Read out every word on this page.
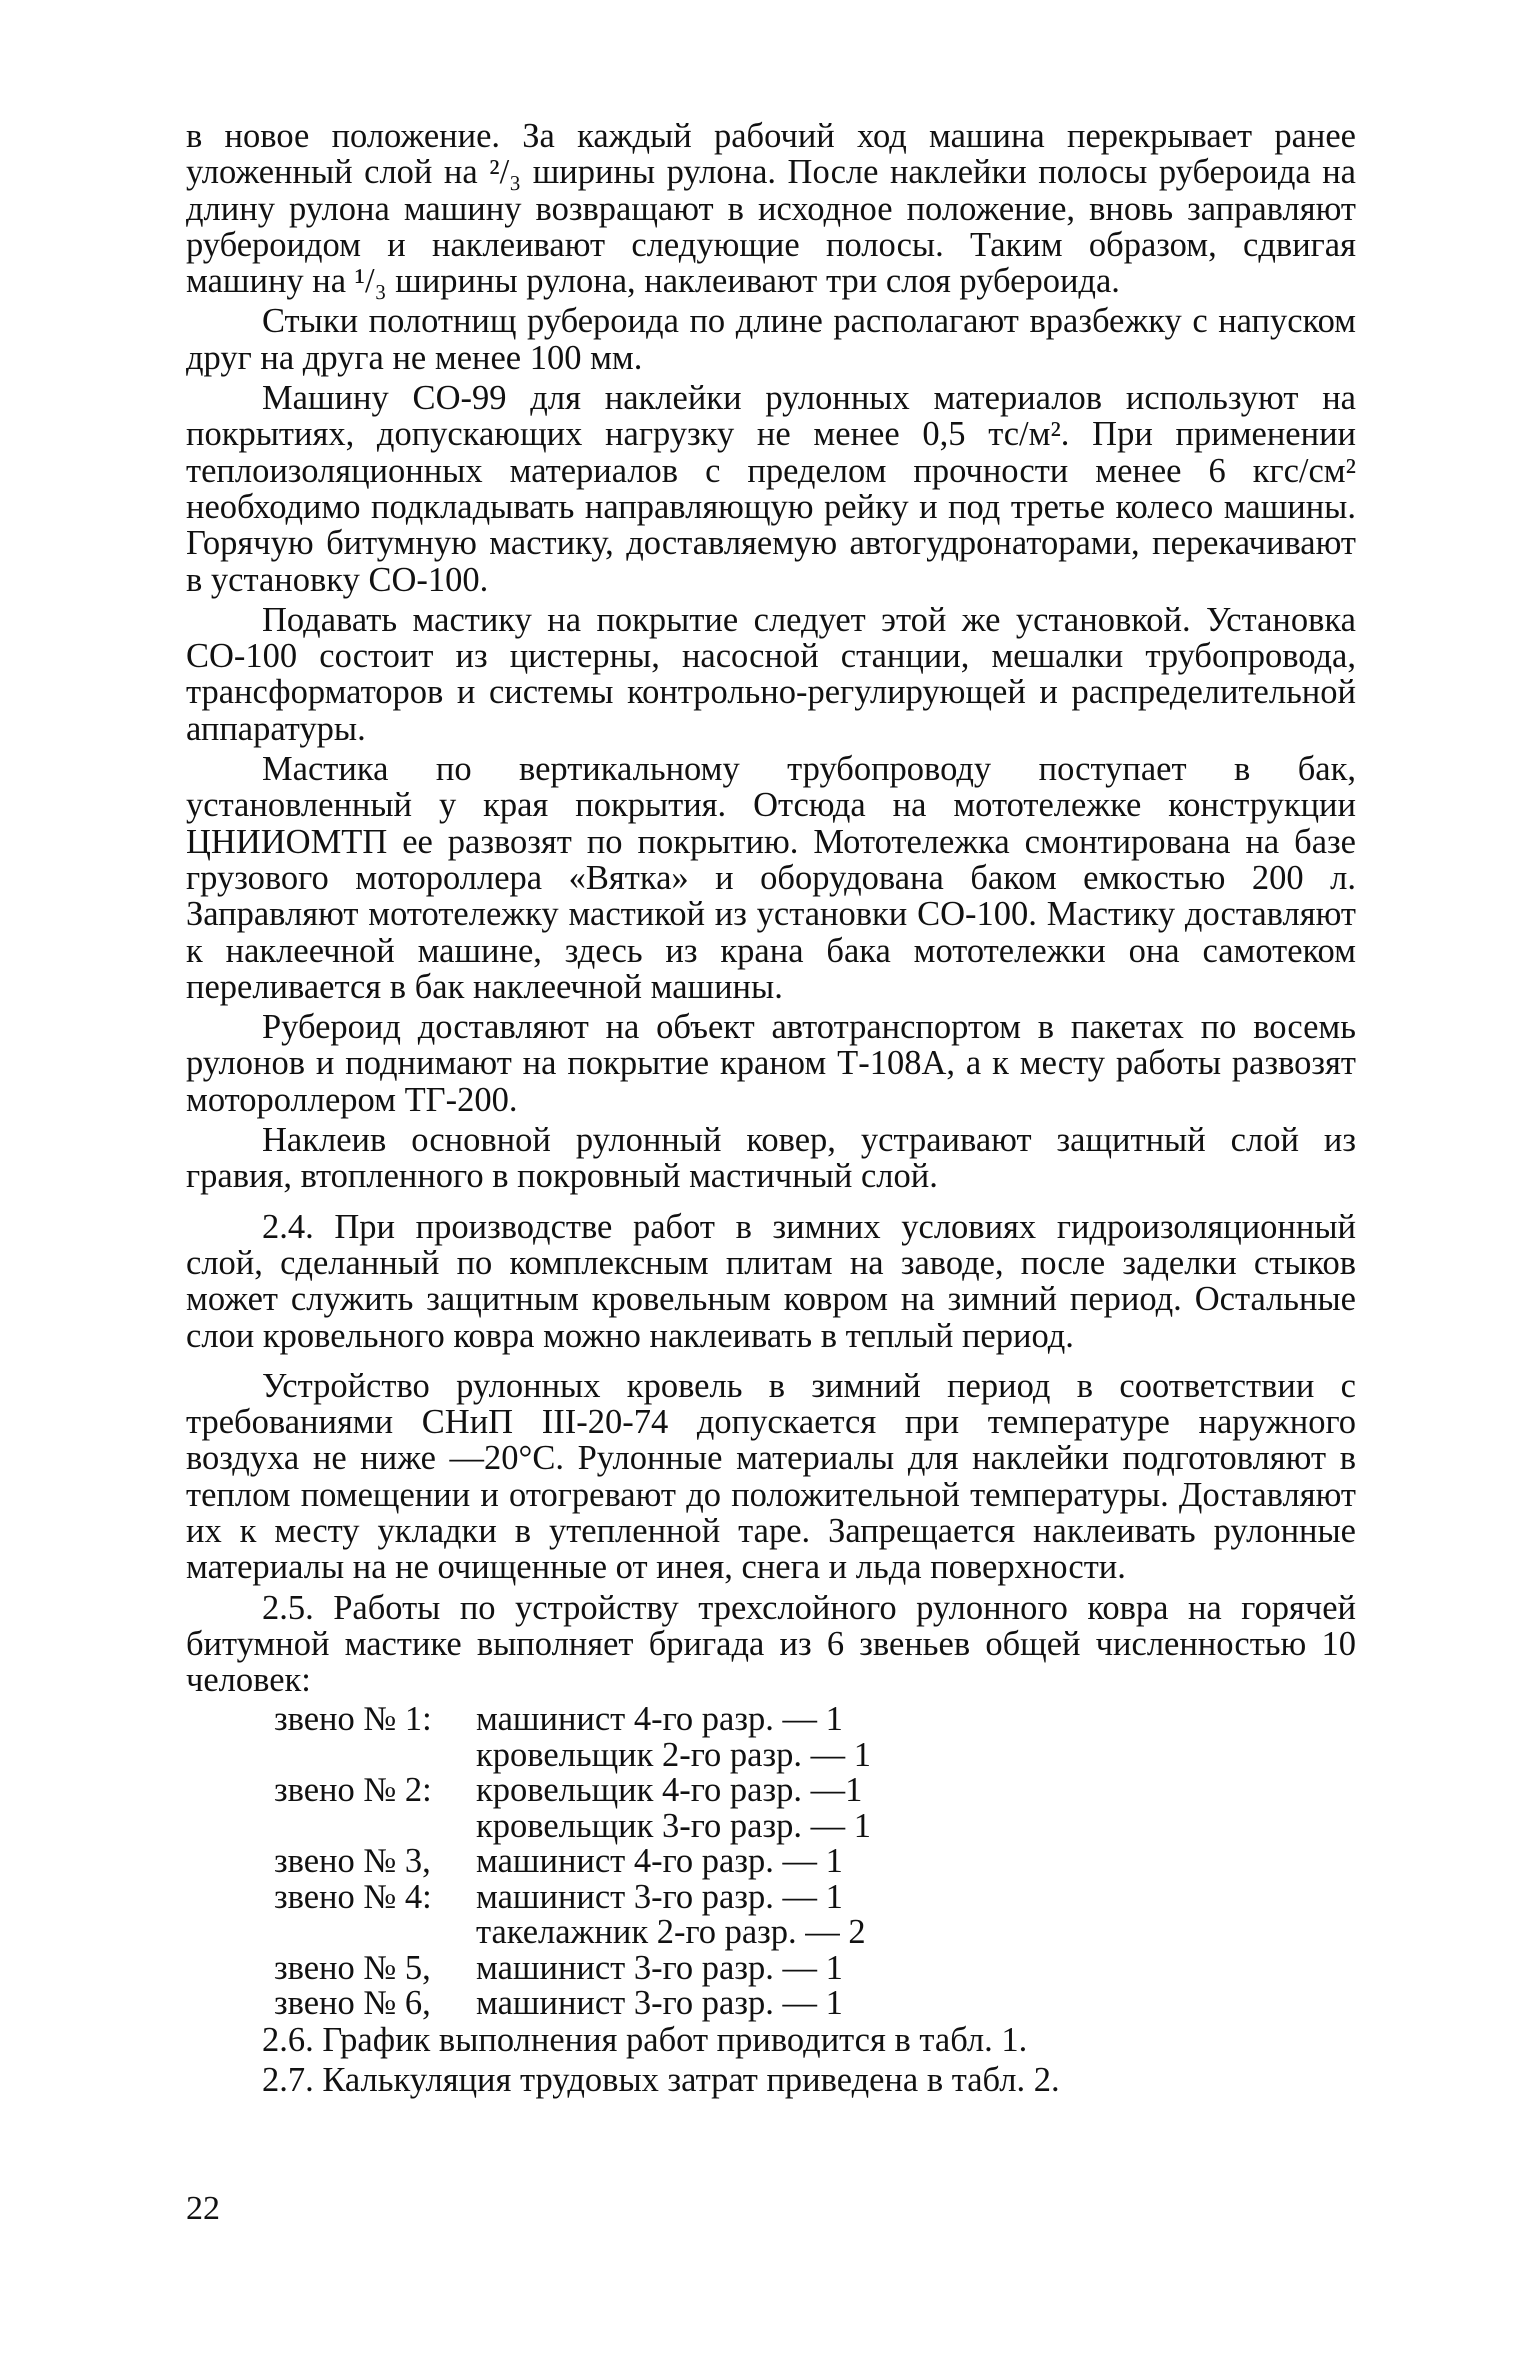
в новое положение. За каждый рабочий ход машина перекрывает ранее уложенный слой на ²/₃ ширины рулона. После наклейки полосы рубероида на длину рулона машину возвращают в исходное положение, вновь заправляют рубероидом и наклеивают следующие полосы. Таким образом, сдвигая машину на ¹/₃ ширины рулона, наклеивают три слоя рубероида.

Стыки полотнищ рубероида по длине располагают вразбежку с напуском друг на друга не менее 100 мм.

Машину СО-99 для наклейки рулонных материалов используют на покрытиях, допускающих нагрузку не менее 0,5 тс/м². При применении теплоизоляционных материалов с пределом прочности менее 6 кгс/см² необходимо подкладывать направляющую рейку и под третье колесо машины. Горячую битумную мастику, доставляемую автогудронаторами, перекачивают в установку СО-100.

Подавать мастику на покрытие следует этой же установкой. Установка СО-100 состоит из цистерны, насосной станции, мешалки трубопровода, трансформаторов и системы контрольно-регулирующей и распределительной аппаратуры.

Мастика по вертикальному трубопроводу поступает в бак, установленный у края покрытия. Отсюда на мототележке конструкции ЦНИИОМТП ее развозят по покрытию. Мототележка смонтирована на базе грузового мотороллера «Вятка» и оборудована баком емкостью 200 л. Заправляют мототележку мастикой из установки СО-100. Мастику доставляют к наклеечной машине, здесь из крана бака мототележки она самотеком переливается в бак наклеечной машины.

Рубероид доставляют на объект автотранспортом в пакетах по восемь рулонов и поднимают на покрытие краном Т-108А, а к месту работы развозят мотороллером ТГ-200.

Наклеив основной рулонный ковер, устраивают защитный слой из гравия, втопленного в покровный мастичный слой.

2.4. При производстве работ в зимних условиях гидроизоляционный слой, сделанный по комплексным плитам на заводе, после заделки стыков может служить защитным кровельным ковром на зимний период. Остальные слои кровельного ковра можно наклеивать в теплый период.

Устройство рулонных кровель в зимний период в соответствии с требованиями СНиП III-20-74 допускается при температуре наружного воздуха не ниже —20°С. Рулонные материалы для наклейки подготовляют в теплом помещении и отогревают до положительной температуры. Доставляют их к месту укладки в утепленной таре. Запрещается наклеивать рулонные материалы на не очищенные от инея, снега и льда поверхности.

2.5. Работы по устройству трехслойного рулонного ковра на горячей битумной мастике выполняет бригада из 6 звеньев общей численностью 10 человек:

звено № 1:	машинист 4-го разр. — 1
кровельщик 2-го разр. — 1
звено № 2:	кровельщик 4-го разр. —1
кровельщик 3-го разр. — 1
звено № 3,	машинист 4-го разр. — 1
звено № 4:	машинист 3-го разр. — 1
такелажник 2-го разр. — 2
звено № 5,	машинист 3-го разр. — 1
звено № 6,	машинист 3-го разр. — 1

2.6. График выполнения работ приводится в табл. 1.

2.7. Калькуляция трудовых затрат приведена в табл. 2.

22
